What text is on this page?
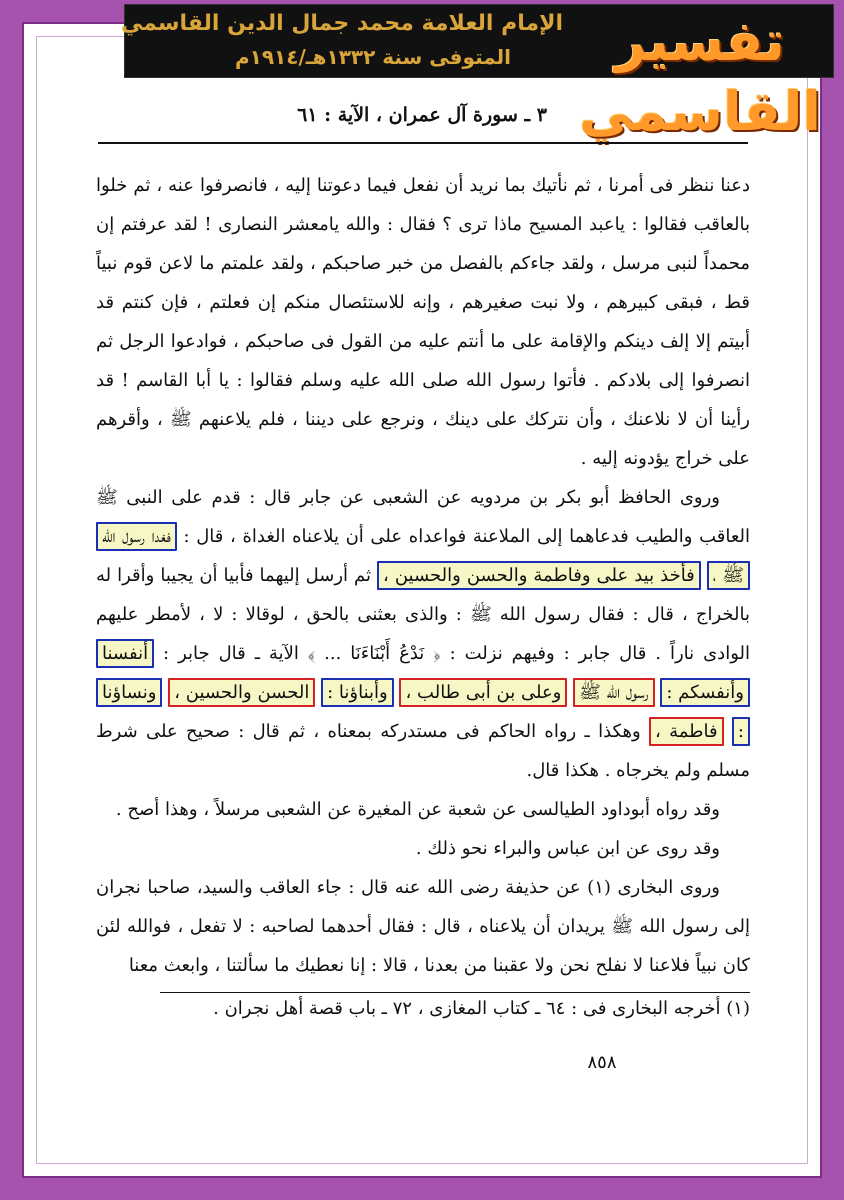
تفسير القاسمي
الإمام العلامة محمد جمال الدين القاسمي
المتوفى سنة ١٣٣٢هـ/١٩١٤م
٣ ـ سورة آل عمران ، الآية : ٦١

دعنا ننظر فى أمرنا ، ثم نأتيك بما نريد أن نفعل فيما دعوتنا إليه ، فانصرفوا عنه ، ثم خلوا بالعاقب فقالوا : ياعبد المسيح ماذا ترى ؟ فقال : والله يامعشر النصارى ! لقد عرفتم إن محمداً لنبى مرسل ، ولقد جاءكم بالفصل من خبر صاحبكم ، ولقد علمتم ما لاعن قوم نبياً قط ، فبقى كبيرهم ، ولا نبت صغيرهم ، وإنه للاستئصال منكم إن فعلتم ، فإن كنتم قد أبيتم إلا إلف دينكم والإقامة على ما أنتم عليه من القول فى صاحبكم ، فوادعوا الرجل ثم انصرفوا إلى بلادكم . فأتوا رسول الله صلى الله عليه وسلم فقالوا : يا أبا القاسم ! قد رأينا أن لا نلاعنك ، وأن نتركك على دينك ، ونرجع على ديننا ، فلم يلاعنهم ﷺ ، وأقرهم على خراج يؤدونه إليه .

وروى الحافظ أبو بكر بن مردويه عن الشعبى عن جابر قال : قدم على النبى ﷺ العاقب والطيب فدعاهما إلى الملاعنة فواعداه على أن يلاعناه الغداة ، قال : فغدا رسول الله ﷺ ، فأخذ بيد على وفاطمة والحسن والحسين ، ثم أرسل إليهما فأبيا أن يجيبا وأقرا له بالخراج ، قال : فقال رسول الله ﷺ : والذى بعثنى بالحق ، لوقالا : لا ، لأمطر عليهم الوادى ناراً . قال جابر : وفيهم نزلت : ﴿ نَدْعُ أَبْنَاءَنَا ... ﴾ الآية ـ قال جابر : أنفسنا وأنفسكم : رسول الله ﷺ وعلى بن أبى طالب ، وأبناؤنا : الحسن والحسين ، ونساؤنا : فاطمة ، وهكذا ـ رواه الحاكم فى مستدركه بمعناه ، ثم قال : صحيح على شرط مسلم ولم يخرجاه . هكذا قال.

وقد رواه أبوداود الطيالسى عن شعبة عن المغيرة عن الشعبى مرسلاً ، وهذا أصح .

وقد روى عن ابن عباس والبراء نحو ذلك .

وروى البخارى (١) عن حذيفة رضى الله عنه قال : جاء العاقب والسيد، صاحبا نجران إلى رسول الله ﷺ يريدان أن يلاعناه ، قال : فقال أحدهما لصاحبه : لا تفعل ، فوالله لئن كان نبياً فلاعنا لا نفلح نحن ولا عقبنا من بعدنا ، قالا : إنا نعطيك ما سألتنا ، وابعث معنا

(١) أخرجه البخارى فى : ٦٤ ـ كتاب المغازى ، ٧٢ ـ باب قصة أهل نجران .
٨٥٨
